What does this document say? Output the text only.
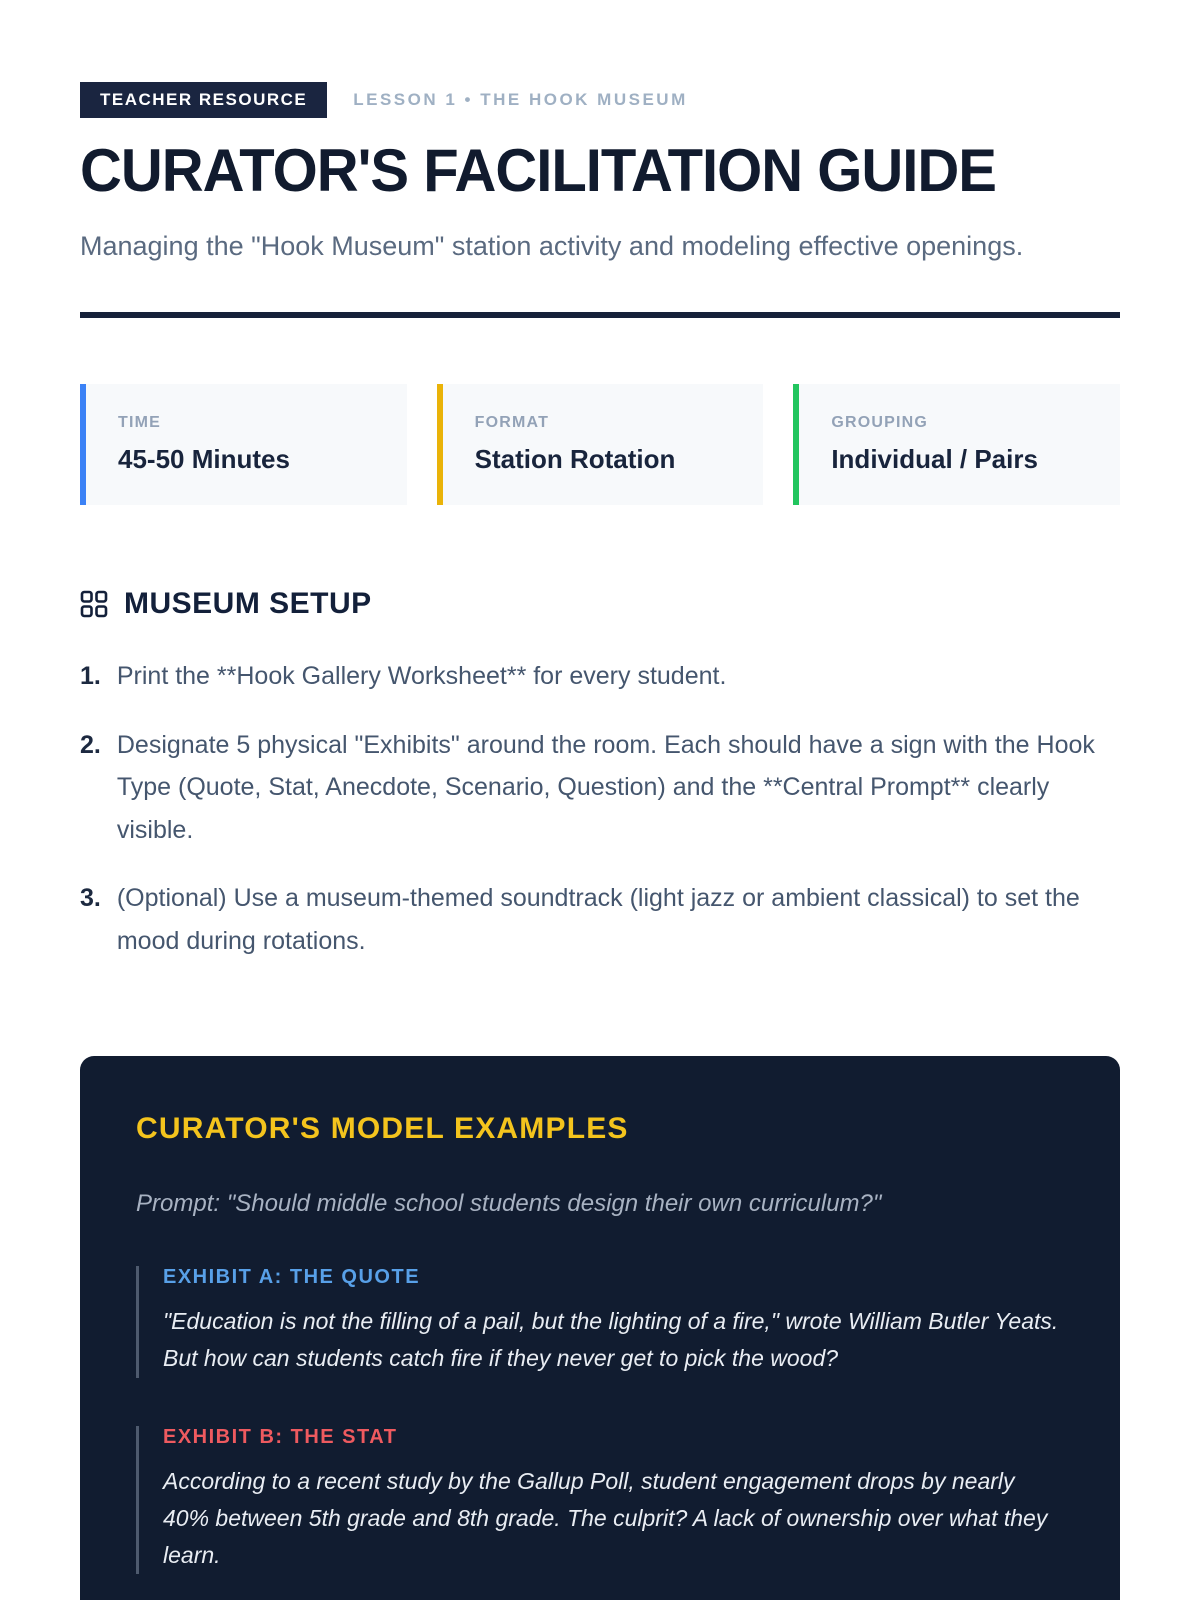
TEACHER RESOURCE	LESSON 1 • THE HOOK MUSEUM
CURATOR'S FACILITATION GUIDE

Managing the "Hook Museum" station activity and modeling effective openings.

TIME
45-50 Minutes
FORMAT
Station Rotation
GROUPING
Individual / Pairs
MUSEUM SETUP
1. Print the **Hook Gallery Worksheet** for every student.
2. Designate 5 physical "Exhibits" around the room. Each should have a sign with the Hook Type (Quote, Stat, Anecdote, Scenario, Question) and the **Central Prompt** clearly visible.
3. (Optional) Use a museum-themed soundtrack (light jazz or ambient classical) to set the mood during rotations.
CURATOR'S MODEL EXAMPLES

Prompt: "Should middle school students design their own curriculum?"

EXHIBIT A: THE QUOTE

"Education is not the filling of a pail, but the lighting of a fire," wrote William Butler Yeats. But how can students catch fire if they never get to pick the wood?

EXHIBIT B: THE STAT

According to a recent study by the Gallup Poll, student engagement drops by nearly 40% between 5th grade and 8th grade. The culprit? A lack of ownership over what they learn.
